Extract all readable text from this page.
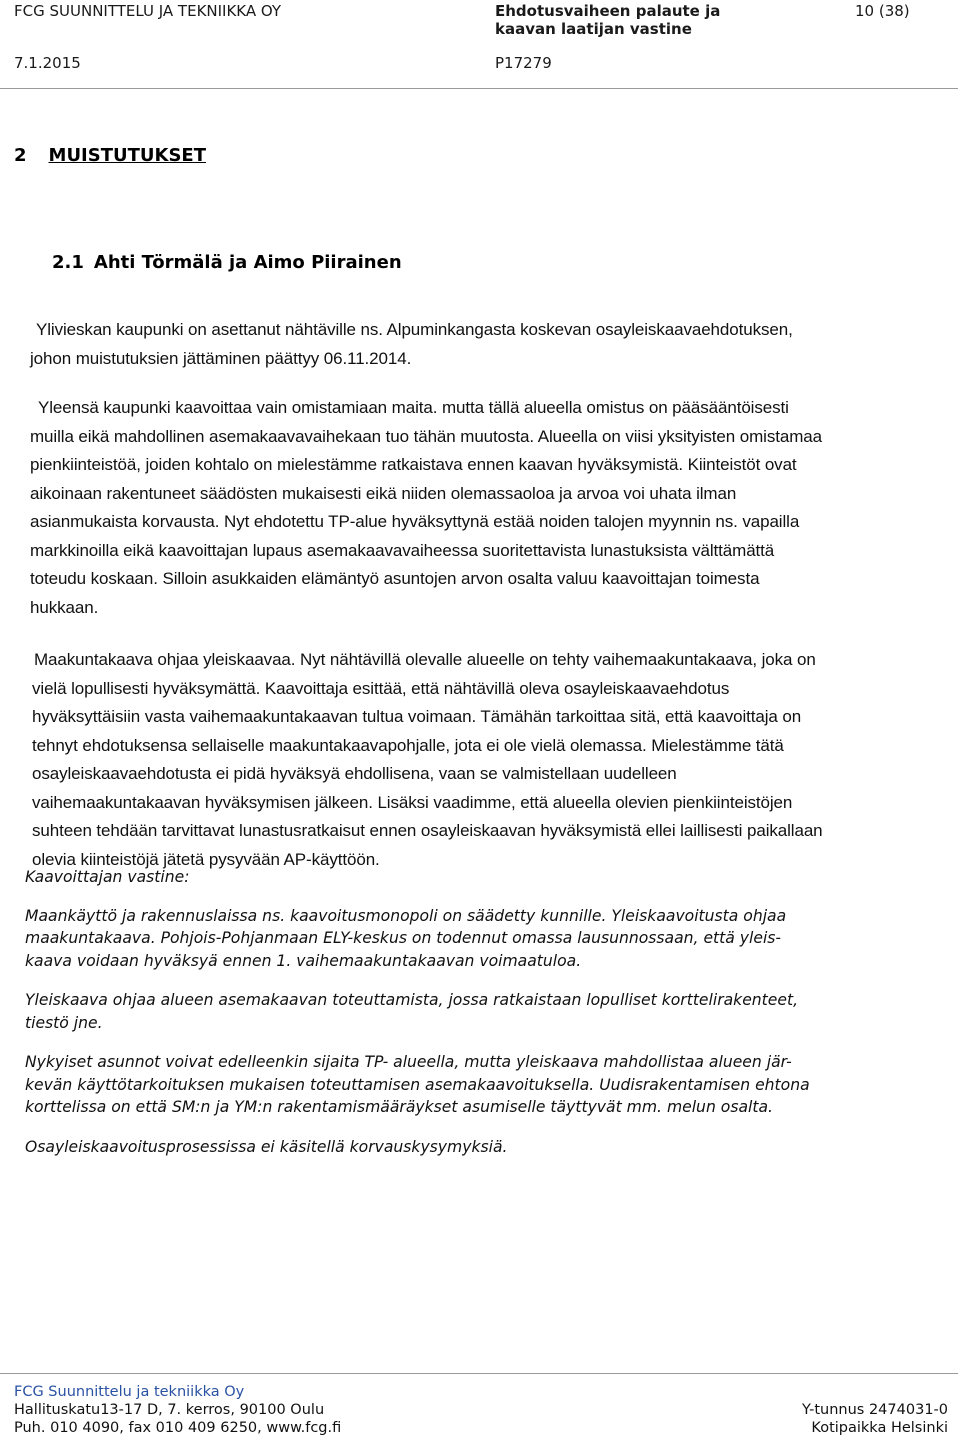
FCG SUUNNITTELU JA TEKNIIKKA OY	Ehdotusvaiheen palaute ja
kaavan laatijan vastine
10 (38)
7.1.2015	P17279
2 MUISTUTUKSET
2.1 Ahti Törmälä ja Aimo Piirainen
Ylivieskan kaupunki on asettanut nähtäville ns. Alpuminkangasta koskevan osayleiskaavaehdotuksen,
johon muistutuksien jättäminen päättyy 06.11.2014.
Yleensä kaupunki kaavoittaa vain omistamiaan maita. mutta tällä alueella omistus on pääsääntöisesti
muilla eikä mahdollinen asemakaavavaihekaan tuo tähän muutosta. Alueella on viisi yksityisten omistamaa
pienkiinteistöä, joiden kohtalo on mielestämme ratkaistava ennen kaavan hyväksymistä. Kiinteistöt ovat
aikoinaan rakentuneet säädösten mukaisesti eikä niiden olemassaoloa ja arvoa voi uhata ilman
asianmukaista korvausta. Nyt ehdotettu TP-alue hyväksyttynä estää noiden talojen myynnin ns. vapailla
markkinoilla eikä kaavoittajan lupaus asemakaavavaiheessa suoritettavista lunastuksista välttämättä
toteudu koskaan. Silloin asukkaiden elämäntyö asuntojen arvon osalta valuu kaavoittajan toimesta
hukkaan.
Maakuntakaava ohjaa yleiskaavaa. Nyt nähtävillä olevalle alueelle on tehty vaihemaakuntakaava, joka on
vielä lopullisesti hyväksymättä. Kaavoittaja esittää, että nähtävillä oleva osayleiskaavaehdotus
hyväksyttäisiin vasta vaihemaakuntakaavan tultua voimaan. Tämähän tarkoittaa sitä, että kaavoittaja on
tehnyt ehdotuksensa sellaiselle maakuntakaavapohjalle, jota ei ole vielä olemassa. Mielestämme tätä
osayleiskaavaehdotusta ei pidä hyväksyä ehdollisena, vaan se valmistellaan uudelleen
vaihemaakuntakaavan hyväksymisen jälkeen. Lisäksi vaadimme, että alueella olevien pienkiinteistöjen
suhteen tehdään tarvittavat lunastusratkaisut ennen osayleiskaavan hyväksymistä ellei laillisesti paikallaan
olevia kiinteistöjä jätetä pysyvään AP-käyttöön.
Kaavoittajan vastine:
Maankäyttö ja rakennuslaissa ns. kaavoitusmonopoli on säädetty kunnille. Yleiskaavoitusta ohjaa
maakuntakaava. Pohjois-Pohjanmaan ELY-keskus on todennut omassa lausunnossaan, että yleis-
kaava voidaan hyväksyä ennen 1. vaihemaakuntakaavan voimaatuloa.
Yleiskaava ohjaa alueen asemakaavan toteuttamista, jossa ratkaistaan lopulliset korttelirakenteet,
tiestö jne.
Nykyiset asunnot voivat edelleenkin sijaita TP- alueella, mutta yleiskaava mahdollistaa alueen jär-
kevän käyttötarkoituksen mukaisen toteuttamisen asemakaavoituksella. Uudisrakentamisen ehtona
korttelissa on että SM:n ja YM:n rakentamismääräykset asumiselle täyttyvät mm. melun osalta.
Osayleiskaavoitusprosessissa ei käsitellä korvauskysymyksiä.
FCG Suunnittelu ja tekniikka Oy
Hallituskatu13-17 D, 7. kerros, 90100 Oulu
Puh. 010 4090, fax 010 409 6250, www.fcg.fi
Y-tunnus 2474031-0
Kotipaikka Helsinki
